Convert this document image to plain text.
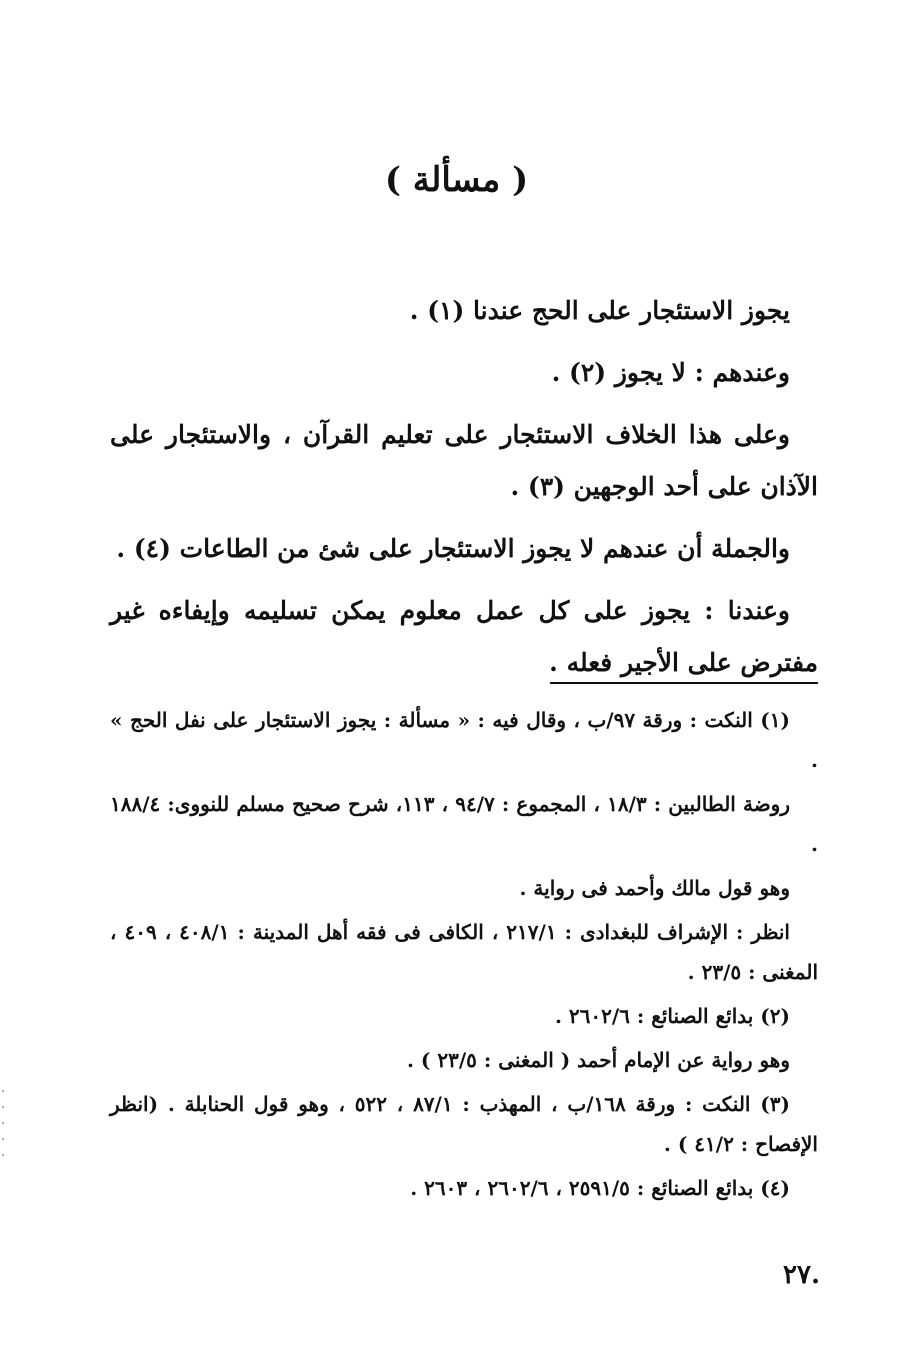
( مسألة )

يجوز الاستئجار على الحج عندنا (١) .

وعندهم : لا يجوز (٢) .

وعلى هذا الخلاف الاستئجار على تعليم القرآن ، والاستئجار على الآذان على أحد الوجهين (٣) .

والجملة أن عندهم لا يجوز الاستئجار على شئ من الطاعات (٤) .

وعندنا : يجوز على كل عمل معلوم يمكن تسليمه وإيفاءه غير مفترض على الأجير فعله .

(١) النكت : ورقة ٩٧/ب ، وقال فيه : « مسألة : يجوز الاستئجار على نفل الحج » .

روضة الطالبين : ١٨/٣ ، المجموع : ٩٤/٧ ، ١١٣، شرح صحيح مسلم للنووى: ١٨٨/٤ .

وهو قول مالك وأحمد فى رواية .

انظر : الإشراف للبغدادى : ٢١٧/١ ، الكافى فى فقه أهل المدينة : ٤٠٨/١ ، ٤٠٩ ، المغنى : ٢٣/٥ .

(٢) بدائع الصنائع : ٢٦٠٢/٦ .

وهو رواية عن الإمام أحمد ( المغنى : ٢٣/٥ ) .

(٣) النكت : ورقة ١٦٨/ب ، المهذب : ٨٧/١ ، ٥٢٢ ، وهو قول الحنابلة . (انظر الإفصاح : ٤١/٢ ) .

(٤) بدائع الصنائع : ٢٥٩١/٥ ، ٢٦٠٢/٦ ، ٢٦٠٣ .

٢٧.
